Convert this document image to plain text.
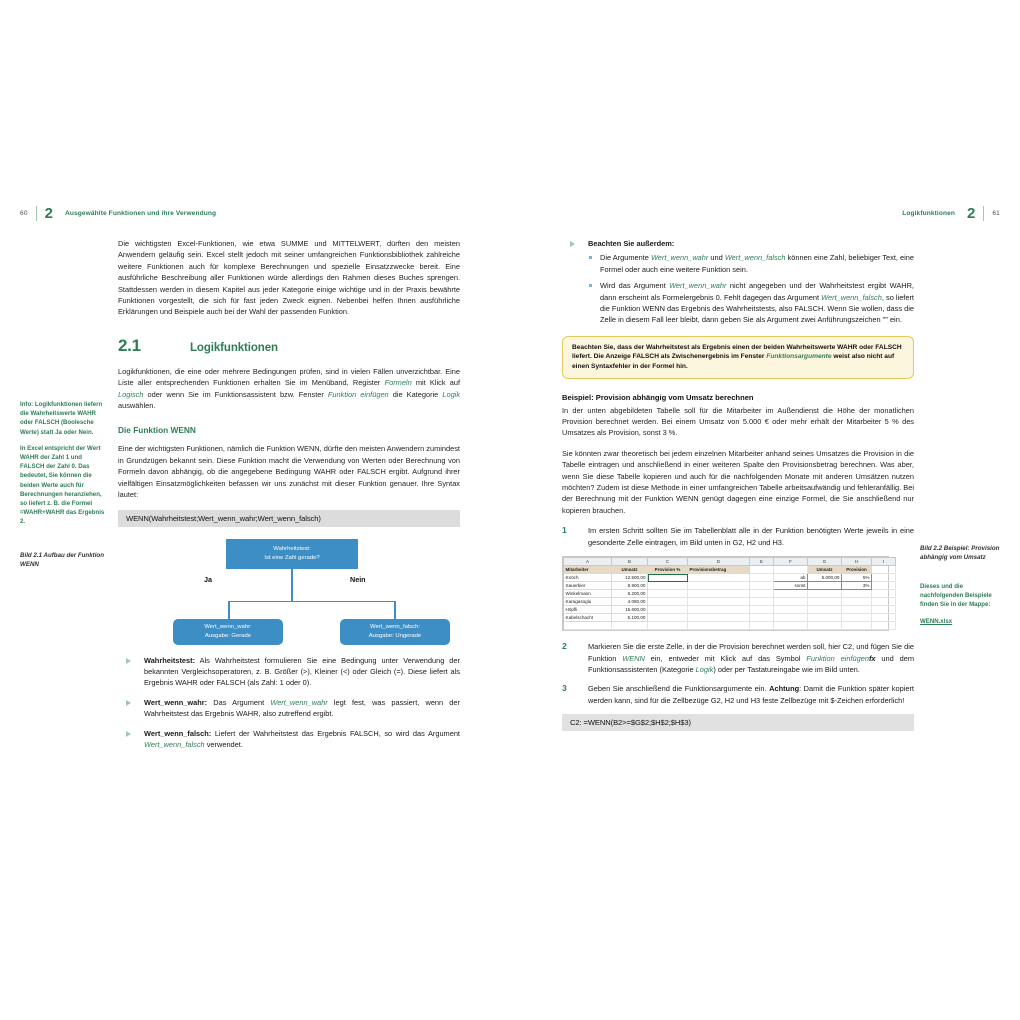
60 2 Ausgewählte Funktionen und ihre Verwendung

Info: Logikfunktionen liefern die Wahrheitswerte WAHR oder FALSCH (Boolesche Werte) statt Ja oder Nein.

In Excel entspricht der Wert WAHR der Zahl 1 und FALSCH der Zahl 0. Das bedeutet, Sie können die beiden Werte auch für Berechnungen heranziehen, so liefert z. B. die Formel =WAHR+WAHR das Ergebnis 2.

Bild 2.1 Aufbau der Funktion WENN

Die wichtigsten Excel-Funktionen, wie etwa SUMME und MITTELWERT, dürften den meisten Anwendern geläufig sein. Excel stellt jedoch mit seiner umfangreichen Funktionsbibliothek zahlreiche weitere Funktionen auch für komplexe Berechnungen und spezielle Einsatzzwecke bereit. Eine ausführliche Beschreibung aller Funktionen würde allerdings den Rahmen dieses Buches sprengen. Stattdessen werden in diesem Kapitel aus jeder Kategorie einige wichtige und in der Praxis bewährte Funktionen vorgestellt, die sich für fast jeden Zweck eignen. Nebenbei helfen Ihnen ausführliche Erklärungen und Beispiele auch bei der Wahl der passenden Funktion.

2.1	Logikfunktionen

Logikfunktionen, die eine oder mehrere Bedingungen prüfen, sind in vielen Fällen unverzichtbar. Eine Liste aller entsprechenden Funktionen erhalten Sie im Menüband, Register Formeln mit Klick auf Logisch oder wenn Sie im Funktionsassistent bzw. Fenster Funktion einfügen die Kategorie Logik auswählen.

Die Funktion WENN

Eine der wichtigsten Funktionen, nämlich die Funktion WENN, dürfte den meisten Anwendern zumindest in Grundzügen bekannt sein. Diese Funktion macht die Verwendung von Werten oder Berechnung von Formeln davon abhängig, ob die angegebene Bedingung WAHR oder FALSCH ergibt. Aufgrund ihrer vielfältigen Einsatzmöglichkeiten befassen wir uns zunächst mit dieser Funktion genauer. Ihre Syntax lautet:

WENN(Wahrheitstest;Wert_wenn_wahr;Wert_wenn_falsch)
Wahrheitstest:
Ist eine Zahl gerade?
Ja	Nein
Wert_wenn_wahr:
Ausgabe: Gerade
Wert_wenn_falsch:
Ausgabe: Ungerade
Wahrheitstest: Als Wahrheitstest formulieren Sie eine Bedingung unter Verwendung der bekannten Vergleichsoperatoren, z. B. Größer (>), Kleiner (<) oder Gleich (=). Diese liefert als Ergebnis WAHR oder FALSCH (als Zahl: 1 oder 0).
Wert_wenn_wahr: Das Argument Wert_wenn_wahr legt fest, was passiert, wenn der Wahrheitstest das Ergebnis WAHR, also zutreffend ergibt.
Wert_wenn_falsch: Liefert der Wahrheitstest das Ergebnis FALSCH, so wird das Argument Wert_wenn_falsch verwendet.
Logikfunktionen 2	61
Bild 2.2 Beispiel: Provision abhängig vom Umsatz

Dieses und die nachfolgenden Beispiele finden Sie in der Mappe:

WENN.xlsx

Beachten Sie außerdem:
Die Argumente Wert_wenn_wahr und Wert_wenn_falsch können eine Zahl, beliebiger Text, eine Formel oder auch eine weitere Funktion sein.
Wird das Argument Wert_wenn_wahr nicht angegeben und der Wahrheitstest ergibt WAHR, dann erscheint als Formelergebnis 0. Fehlt dagegen das Argument Wert_wenn_falsch, so liefert die Funktion WENN das Ergebnis des Wahrheitstests, also FALSCH. Wenn Sie wollen, dass die Zelle in diesem Fall leer bleibt, dann geben Sie als Argument zwei Anführungszeichen "" ein.
Beachten Sie, dass der Wahrheitstest als Ergebnis einen der beiden Wahrheitswerte WAHR oder FALSCH liefert. Die Anzeige FALSCH als Zwischenergebnis im Fenster Funktionsargumente weist also nicht auf einen Syntaxfehler in der Formel hin.
Beispiel: Provision abhängig vom Umsatz berechnen

In der unten abgebildeten Tabelle soll für die Mitarbeiter im Außendienst die Höhe der monatlichen Provision berechnet werden. Bei einem Umsatz von 5.000 € oder mehr erhält der Mitarbeiter 5 % des Umsatzes als Provision, sonst 3 %.

Sie könnten zwar theoretisch bei jedem einzelnen Mitarbeiter anhand seines Umsatzes die Provision in die Tabelle eintragen und anschließend in einer weiteren Spalte den Provisionsbetrag berechnen. Was aber, wenn Sie diese Tabelle kopieren und auch für die nachfolgenden Monate mit anderen Umsätzen nutzen möchten? Zudem ist diese Methode in einer umfangreichen Tabelle arbeitsaufwändig und fehleranfällig. Bei der Berechnung mit der Funktion WENN genügt dagegen eine einzige Formel, die Sie anschließend nur kopieren brauchen.

1	Im ersten Schritt sollten Sie im Tabellenblatt alle in der Funktion benötigten Werte jeweils in eine gesonderte Zelle eintragen, im Bild unten in G2, H2 und H3.
	A	B	C	D	E	F	G	H	I
	Mitarbeiter	Umsatz	Provision %	Provisionsbetrag			Umsatz	Provision	
	Knöch	12.500,00				ab	5.000,00	5%	
	Sauerbier	8.900,00				sonst		3%	
	Winkelmann	6.200,00							
	Karagasoglu	4.080,00							
	Höpfli	15.600,00							
	Kabelschacht	5.100,00							

2	Markieren Sie die erste Zelle, in der die Provision berechnet werden soll, hier C2, und fügen Sie die Funktion WENN ein, entweder mit Klick auf das Symbol Funktion einfügenfx und dem Funktionsassistenten (Kategorie Logik) oder per Tastatureingabe wie im Bild unten.
3	Geben Sie anschließend die Funktionsargumente ein. Achtung: Damit die Funktion später kopiert werden kann, sind für die Zellbezüge G2, H2 und H3 feste Zellbezüge mit $-Zeichen erforderlich!
C2: =WENN(B2>=$G$2;$H$2;$H$3)
